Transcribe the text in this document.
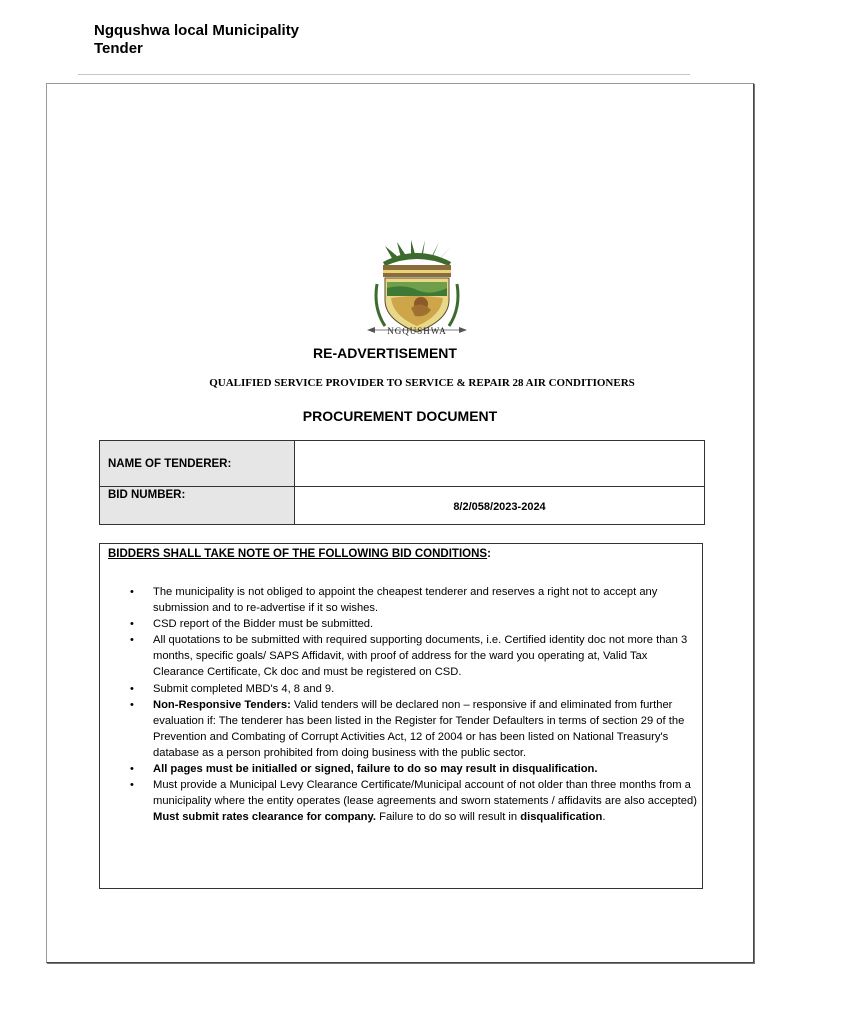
Ngqushwa local Municipality
Tender
NGQUSHWA
RE-ADVERTISEMENT
QUALIFIED SERVICE PROVIDER TO SERVICE & REPAIR 28 AIR CONDITIONERS
PROCUREMENT DOCUMENT
NAME OF TENDERER:
BID NUMBER:
8/2/058/2023-2024
BIDDERS SHALL TAKE NOTE OF THE FOLLOWING BID CONDITIONS:
• The municipality is not obliged to appoint the cheapest tenderer and reserves a right not to accept any submission and to re-advertise if it so wishes.
• CSD report of the Bidder must be submitted.
• All quotations to be submitted with required supporting documents, i.e. Certified identity doc not more than 3 months, specific goals/ SAPS Affidavit, with proof of address for the ward you operating at, Valid Tax Clearance Certificate, Ck doc and must be registered on CSD.
• Submit completed MBD's 4, 8 and 9.
• Non-Responsive Tenders: Valid tenders will be declared non – responsive if and eliminated from further evaluation if: The tenderer has been listed in the Register for Tender Defaulters in terms of section 29 of the Prevention and Combating of Corrupt Activities Act, 12 of 2004 or has been listed on National Treasury's database as a person prohibited from doing business with the public sector.
• All pages must be initialled or signed, failure to do so may result in disqualification.
• Must provide a Municipal Levy Clearance Certificate/Municipal account of not older than three months from a municipality where the entity operates (lease agreements and sworn statements / affidavits are also accepted) Must submit rates clearance for company. Failure to do so will result in disqualification.
